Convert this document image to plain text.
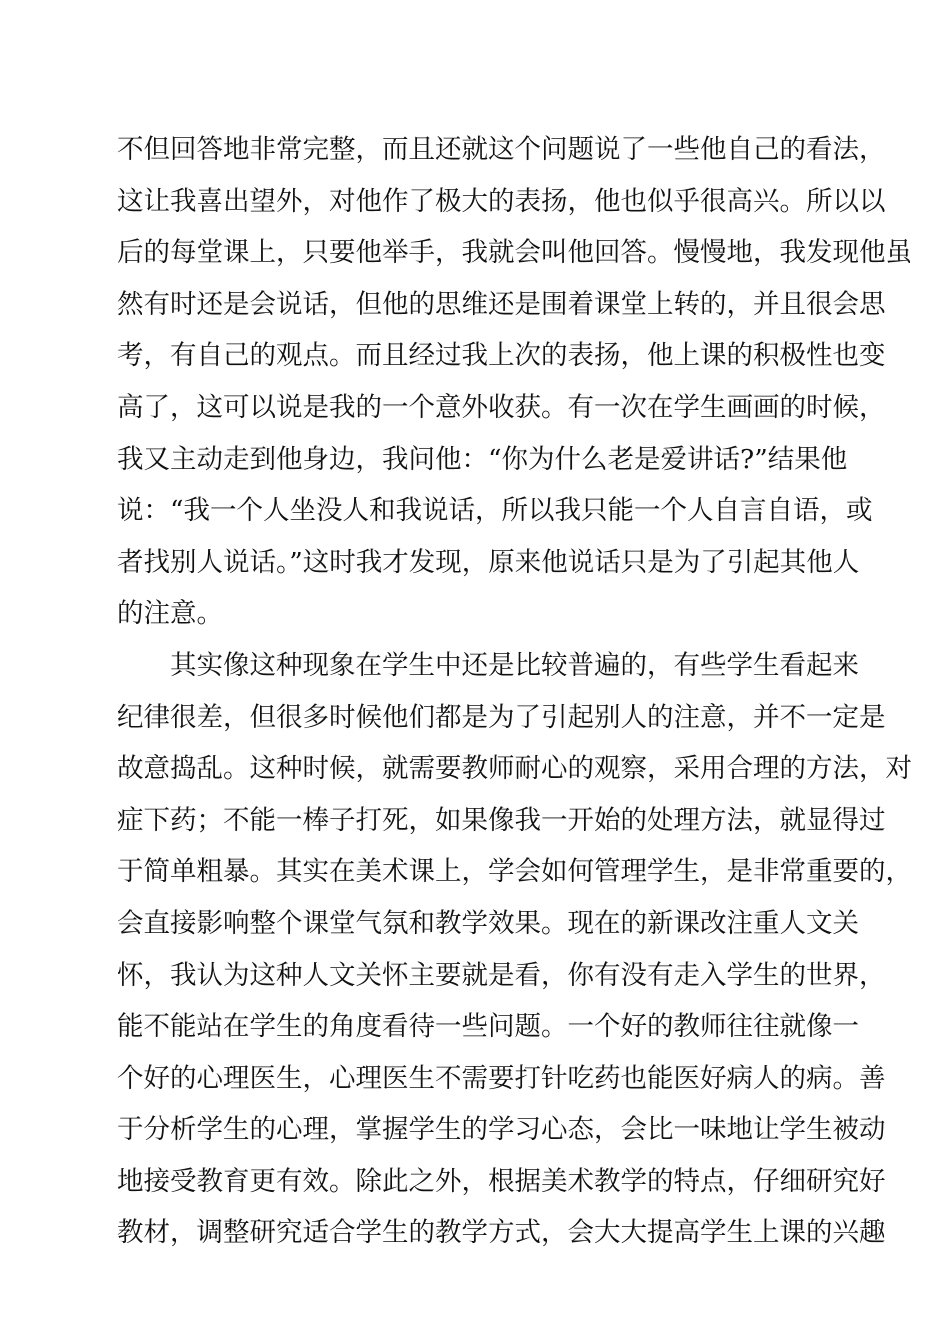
不但回答地非常完整，而且还就这个问题说了一些他自己的看法，
这让我喜出望外，对他作了极大的表扬，他也似乎很高兴。所以以
后的每堂课上，只要他举手，我就会叫他回答。慢慢地，我发现他虽
然有时还是会说话，但他的思维还是围着课堂上转的，并且很会思
考，有自己的观点。而且经过我上次的表扬，他上课的积极性也变
高了，这可以说是我的一个意外收获。有一次在学生画画的时候，
我又主动走到他身边，我问他：“你为什么老是爱讲话?”结果他
说：“我一个人坐没人和我说话，所以我只能一个人自言自语，或
者找别人说话。”这时我才发现，原来他说话只是为了引起其他人
的注意。
其实像这种现象在学生中还是比较普遍的，有些学生看起来
纪律很差，但很多时候他们都是为了引起别人的注意，并不一定是
故意捣乱。这种时候，就需要教师耐心的观察，采用合理的方法，对
症下药；不能一棒子打死，如果像我一开始的处理方法，就显得过
于简单粗暴。其实在美术课上，学会如何管理学生，是非常重要的，
会直接影响整个课堂气氛和教学效果。现在的新课改注重人文关
怀，我认为这种人文关怀主要就是看，你有没有走入学生的世界，
能不能站在学生的角度看待一些问题。一个好的教师往往就像一
个好的心理医生，心理医生不需要打针吃药也能医好病人的病。善
于分析学生的心理，掌握学生的学习心态，会比一味地让学生被动
地接受教育更有效。除此之外，根据美术教学的特点，仔细研究好
教材，调整研究适合学生的教学方式，会大大提高学生上课的兴趣
